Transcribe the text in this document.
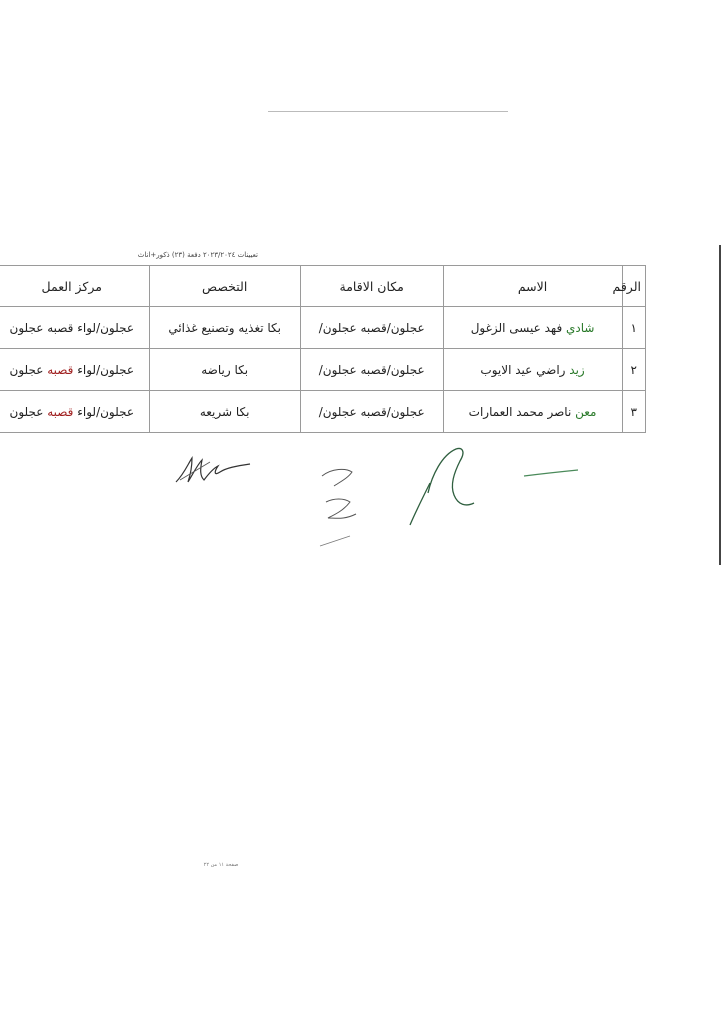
تعيينات ٢٠٢٣/٢٠٢٤ دفعة (٢٣) ذكور+اناث
الرقم	الاسم	مكان الاقامة	التخصص	مركز العمل
١	شادي فهد عيسى الزغول	عجلون/قصبه عجلون/	بكا تغذيه وتصنيع غذائي	عجلون/لواء قصبه عجلون
٢	زيد راضي عيد الايوب	عجلون/قصبه عجلون/	بكا رياضه	عجلون/لواء قصبه عجلون
٣	معن ناصر محمد العمارات	عجلون/قصبه عجلون/	بكا شريعه	عجلون/لواء قصبه عجلون
صفحة ١١ من ٢٢
